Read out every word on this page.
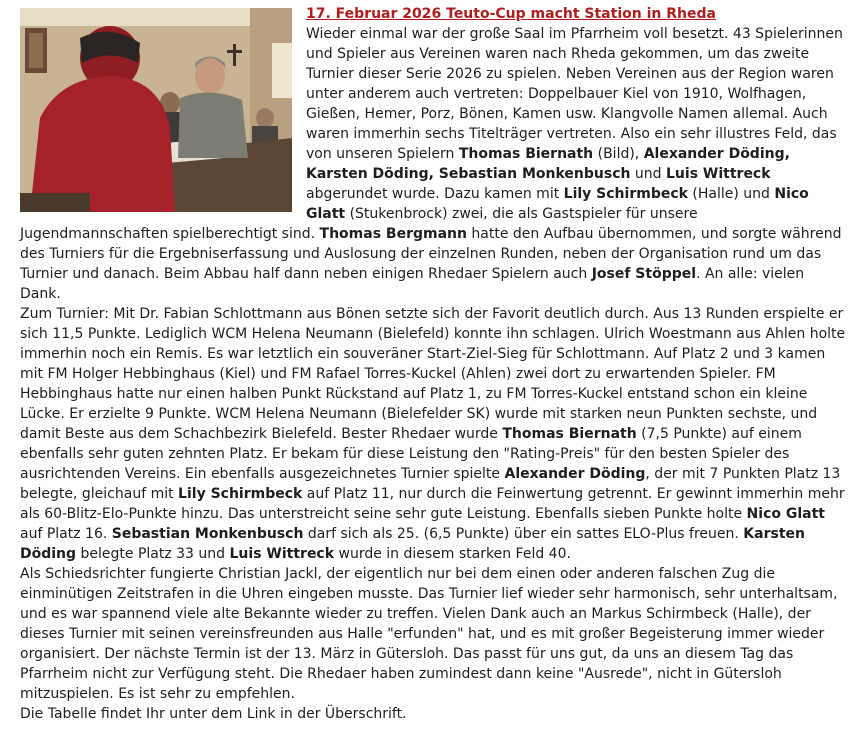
17. Februar 2026 Teuto-Cup macht Station in Rheda

Wieder einmal war der große Saal im Pfarrheim voll besetzt. 43 Spielerinnen und Spieler aus Vereinen waren nach Rheda gekommen, um das zweite Turnier dieser Serie 2026 zu spielen. Neben Vereinen aus der Region waren unter anderem auch vertreten: Doppelbauer Kiel von 1910, Wolfhagen, Gießen, Hemer, Porz, Bönen, Kamen usw. Klangvolle Namen allemal. Auch waren immerhin sechs Titelträger vertreten. Also ein sehr illustres Feld, das von unseren Spielern Thomas Biernath (Bild), Alexander Döding, Karsten Döding, Sebastian Monkenbusch und Luis Wittreck abgerundet wurde. Dazu kamen mit Lily Schirmbeck (Halle) und Nico Glatt (Stukenbrock) zwei, die als Gastspieler für unsere Jugendmannschaften spielberechtigt sind. Thomas Bergmann hatte den Aufbau übernommen, und sorgte während des Turniers für die Ergebniserfassung und Auslosung der einzelnen Runden, neben der Organisation rund um das Turnier und danach. Beim Abbau half dann neben einigen Rhedaer Spielern auch Josef Stöppel. An alle: vielen Dank.

Zum Turnier: Mit Dr. Fabian Schlottmann aus Bönen setzte sich der Favorit deutlich durch. Aus 13 Runden erspielte er sich 11,5 Punkte. Lediglich WCM Helena Neumann (Bielefeld) konnte ihn schlagen. Ulrich Woestmann aus Ahlen holte immerhin noch ein Remis. Es war letztlich ein souveräner Start-Ziel-Sieg für Schlottmann. Auf Platz 2 und 3 kamen mit FM Holger Hebbinghaus (Kiel) und FM Rafael Torres-Kuckel (Ahlen) zwei dort zu erwartenden Spieler. FM Hebbinghaus hatte nur einen halben Punkt Rückstand auf Platz 1, zu FM Torres-Kuckel entstand schon ein kleine Lücke. Er erzielte 9 Punkte. WCM Helena Neumann (Bielefelder SK) wurde mit starken neun Punkten sechste, und damit Beste aus dem Schachbezirk Bielefeld. Bester Rhedaer wurde Thomas Biernath (7,5 Punkte) auf einem ebenfalls sehr guten zehnten Platz. Er bekam für diese Leistung den "Rating-Preis" für den besten Spieler des ausrichtenden Vereins. Ein ebenfalls ausgezeichnetes Turnier spielte Alexander Döding, der mit 7 Punkten Platz 13 belegte, gleichauf mit Lily Schirmbeck auf Platz 11, nur durch die Feinwertung getrennt. Er gewinnt immerhin mehr als 60-Blitz-Elo-Punkte hinzu. Das unterstreicht seine sehr gute Leistung. Ebenfalls sieben Punkte holte Nico Glatt auf Platz 16. Sebastian Monkenbusch darf sich als 25. (6,5 Punkte) über ein sattes ELO-Plus freuen. Karsten Döding belegte Platz 33 und Luis Wittreck wurde in diesem starken Feld 40.

Als Schiedsrichter fungierte Christian Jackl, der eigentlich nur bei dem einen oder anderen falschen Zug die einminütigen Zeitstrafen in die Uhren eingeben musste. Das Turnier lief wieder sehr harmonisch, sehr unterhaltsam, und es war spannend viele alte Bekannte wieder zu treffen. Vielen Dank auch an Markus Schirmbeck (Halle), der dieses Turnier mit seinen vereinsfreunden aus Halle "erfunden" hat, und es mit großer Begeisterung immer wieder organisiert. Der nächste Termin ist der 13. März in Gütersloh. Das passt für uns gut, da uns an diesem Tag das Pfarrheim nicht zur Verfügung steht. Die Rhedaer haben zumindest dann keine "Ausrede", nicht in Gütersloh mitzuspielen. Es ist sehr zu empfehlen.

Die Tabelle findet Ihr unter dem Link in der Überschrift.
